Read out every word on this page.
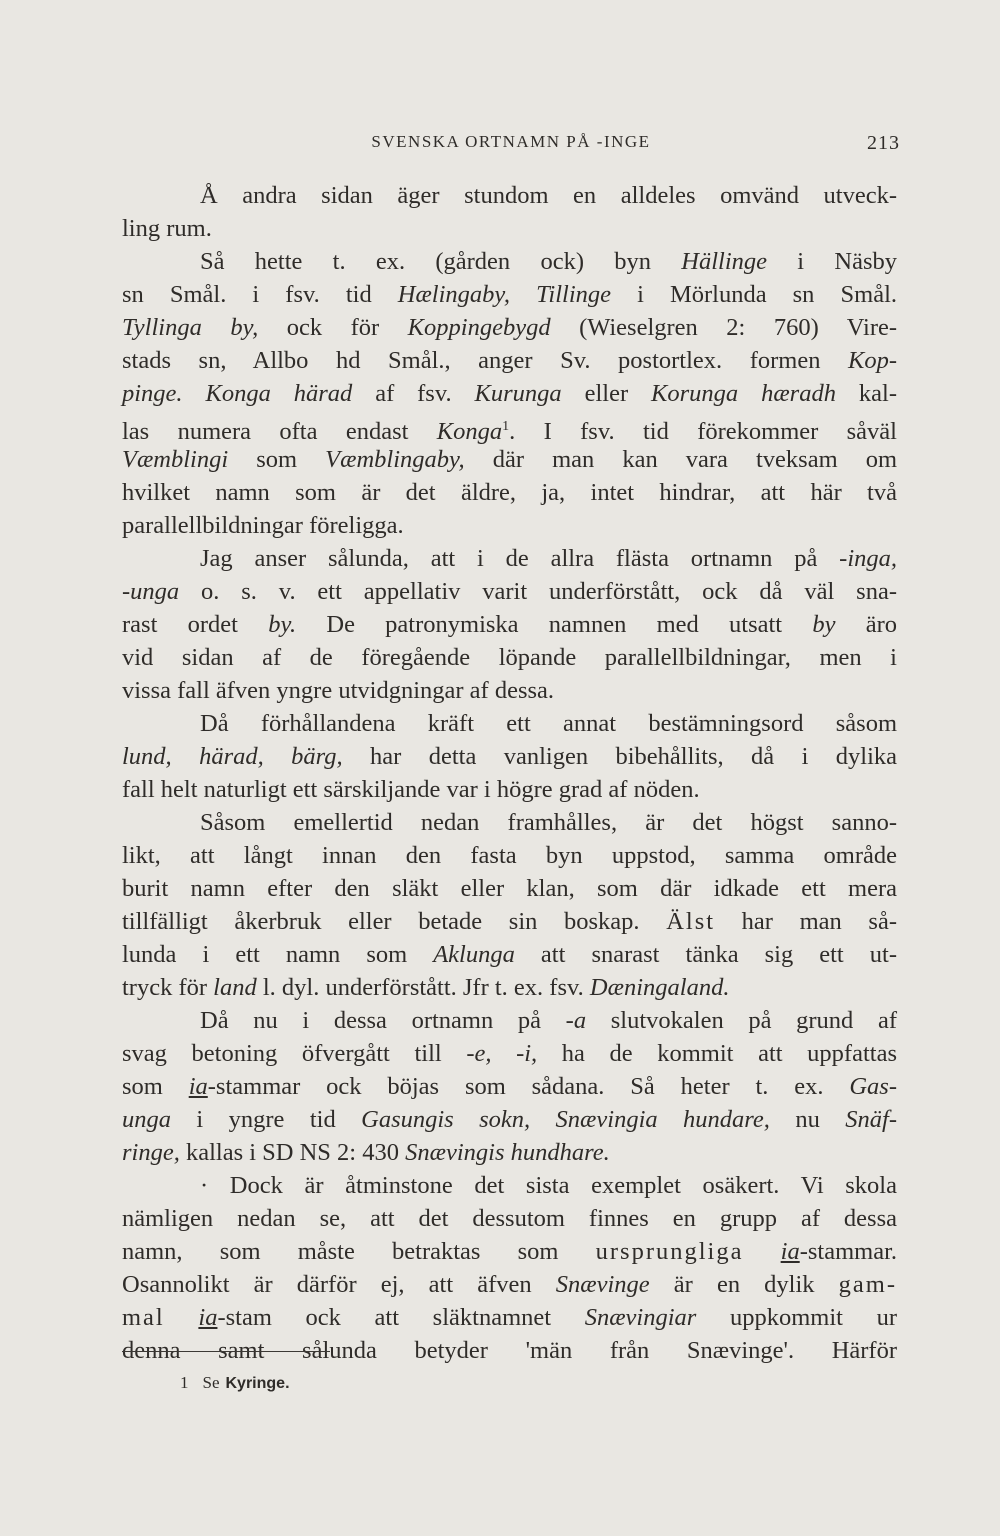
SVENSKA ORTNAMN PÅ -INGE	213
Å andra sidan äger stundom en alldeles omvänd utveck-
ling rum.
Så hette t. ex. (gården ock) byn Hällinge i Näsby
sn Smål. i fsv. tid Hælingaby, Tillinge i Mörlunda sn Smål.
Tyllinga by, ock för Koppingebygd (Wieselgren 2: 760) Vire-
stads sn, Allbo hd Smål., anger Sv. postortlex. formen Kop-
pinge. Konga härad af fsv. Kurunga eller Korunga hæradh kal-
las numera ofta endast Konga$^1$. I fsv. tid förekommer såväl
Væmblingi som Væmblingaby, där man kan vara tveksam om
hvilket namn som är det äldre, ja, intet hindrar, att här två
parallellbildningar föreligga.
Jag anser sålunda, att i de allra flästa ortnamn på -inga,
-unga o. s. v. ett appellativ varit underförstått, ock då väl sna-
rast ordet by. De patronymiska namnen med utsatt by äro
vid sidan af de föregående löpande parallellbildningar, men i
vissa fall äfven yngre utvidgningar af dessa.
Då förhållandena kräft ett annat bestämningsord såsom
lund, härad, bärg, har detta vanligen bibehållits, då i dylika
fall helt naturligt ett särskiljande var i högre grad af nöden.
Såsom emellertid nedan framhålles, är det högst sanno-
likt, att långt innan den fasta byn uppstod, samma område
burit namn efter den släkt eller klan, som där idkade ett mera
tillfälligt åkerbruk eller betade sin boskap. Älst har man så-
lunda i ett namn som Aklunga att snarast tänka sig ett ut-
tryck för land l. dyl. underförstått. Jfr t. ex. fsv. Dæningaland.
Då nu i dessa ortnamn på -a slutvokalen på grund af
svag betoning öfvergått till -e, -i, ha de kommit att uppfattas
som ia-stammar ock böjas som sådana. Så heter t. ex. Gas-
unga i yngre tid Gasungis sokn, Snævingia hundare, nu Snäf-
ringe, kallas i SD NS 2: 430 Snævingis hundhare.
· Dock är åtminstone det sista exemplet osäkert. Vi skola
nämligen nedan se, att det dessutom finnes en grupp af dessa
namn, som måste betraktas som ursprungliga ia-stammar.
Osannolikt är därför ej, att äfven Snævinge är en dylik gam-
mal ia-stam ock att släktnamnet Snævingiar uppkommit ur
denna samt sålunda betyder 'män från Snævinge'. Härför
1 Se Kyringe.
